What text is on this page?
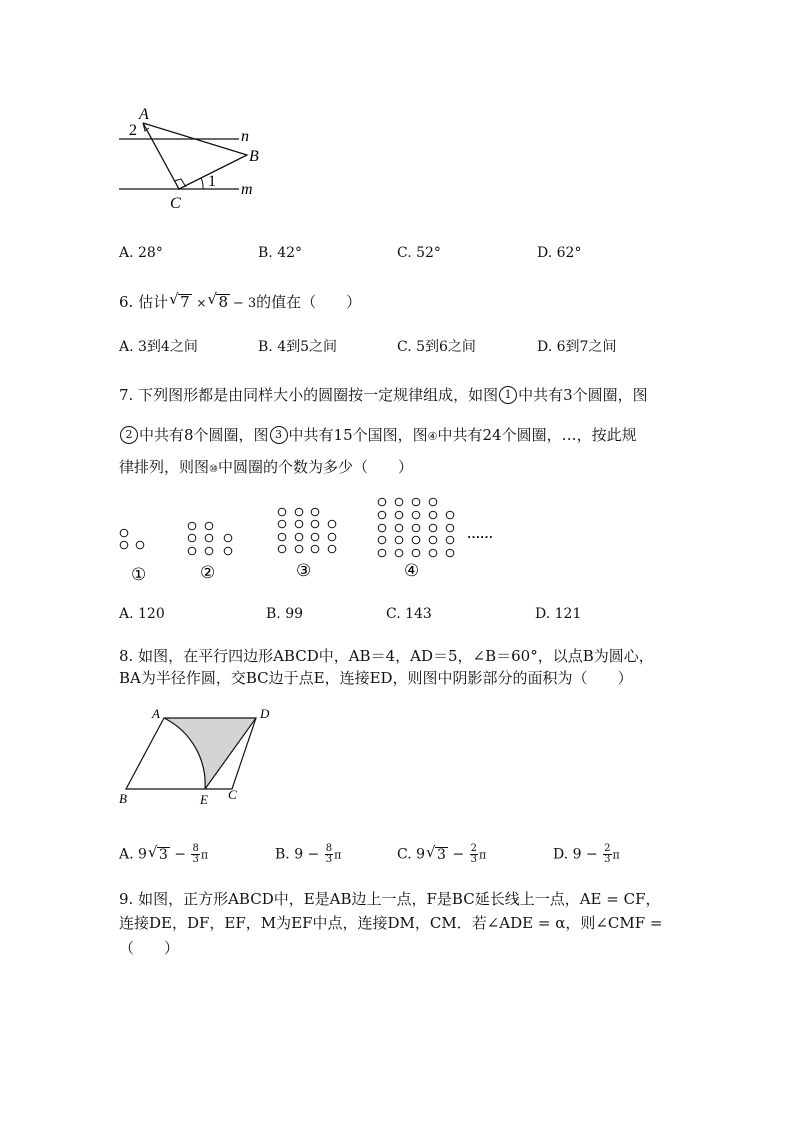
A
2	n
B
1
C
m
A. 28°	B. 42°	C. 52°	D. 62°
6. 估计 √ 7 × √ 8 − 3的值在（　　）
A. 3到4之间	B. 4到5之间	C. 5到6之间	D. 6到7之间
7. 下列图形都是由同样大小的圆圈按一定规律组成，如图 1 中共有3个圆圈，图
2 中共有8个圆圈，图 3 中共有15个国图，图④中共有24个圆圈，…，按此规
律排列，则图⑩中圆圈的个数为多少（　　）
①	②	③	④
……
A. 120	B. 99	C. 143	D. 121
8. 如图，在平行四边形ABCD中，AB＝4，AD＝5，∠B＝60°，以点B为圆心，
BA为半径作圆，交BC边于点E，连接ED，则图中阴影部分的面积为（　　）
A	D
B	E C
A. 9 √ $3 - \frac{8}{3}$ π	B. $9 - \frac{8}{3}$ π	C. 9 √ $3 - \frac{2}{3}$ π	D. $9 - \frac{2}{3}$ π
9. 如图，正方形ABCD中，E是AB边上一点，F是BC延长线上一点，AE = CF，
连接DE，DF，EF，M为EF中点，连接DM，CM．若∠ADE = α，则∠CMF =
（　　）
